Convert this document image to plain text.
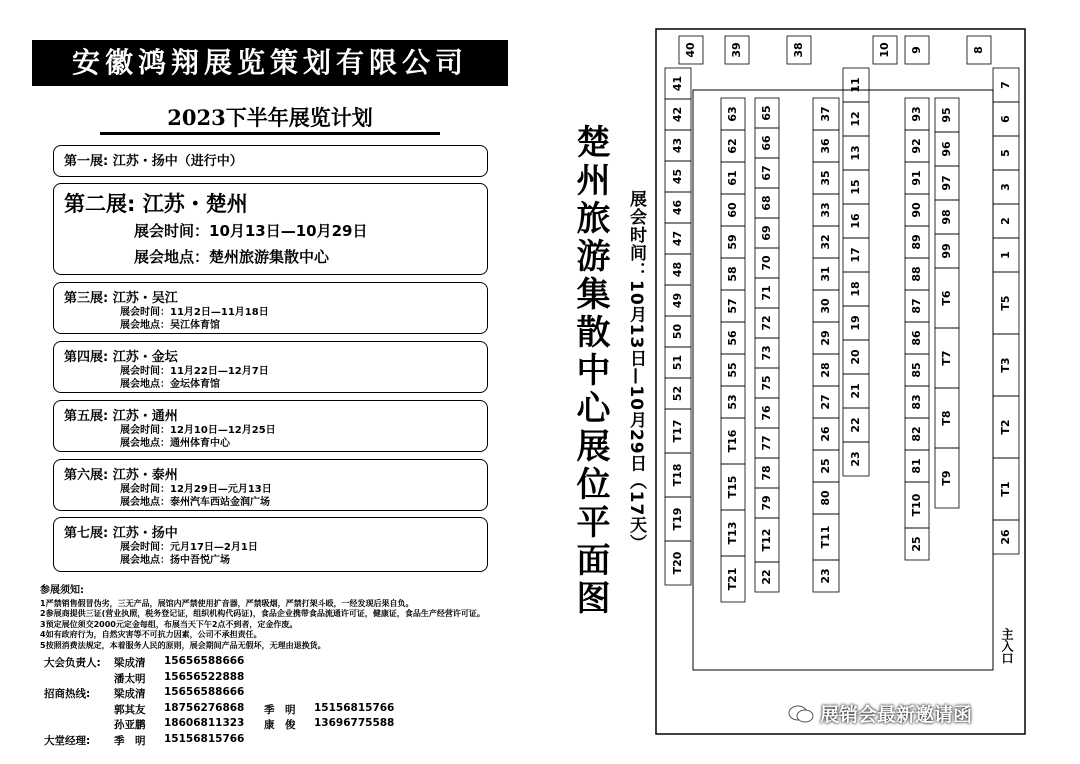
安徽鸿翔展览策划有限公司
2023下半年展览计划
第一展: 江苏・扬中（进行中）
第二展: 江苏・楚州
展会时间：10月13日—10月29日
展会地点：楚州旅游集散中心
第三展: 江苏・吴江
展会时间：11月2日—11月18日
展会地点：吴江体育馆
第四展: 江苏・金坛
展会时间：11月22日—12月7日
展会地点：金坛体育馆
第五展: 江苏・通州
展会时间：12月10日—12月25日
展会地点：通州体育中心
第六展: 江苏・泰州
展会时间：12月29日—元月13日
展会地点：泰州汽车西站金润广场
第七展: 江苏・扬中
展会时间：元月17日—2月1日
展会地点：扬中吾悦广场
参展须知:
1严禁销售假冒伪劣，三无产品，展馆内严禁使用扩音器，严禁吸烟，严禁打架斗殴，一经发现后果自负。
2参展商提供三证(营业执照，税务登记证，组织机构代码证)，食品企业携带食品流通许可证，健康证，食品生产经营许可证。
3预定展位须交2000元定金每组，布展当天下午2点不到者，定金作废。
4如有政府行为，自然灾害等不可抗力因素，公司不承担责任。
5按照消费法规定，本着服务人民的原则，展会期间产品无假坏，无理由退换货。
大会负责人: 梁成清 15656588666
潘太明 15656522888
招商热线: 梁成清 15656588666
郭其友 18756276868 季　明 15156815766
孙亚鹏 18606811323 康　俊 13696775588
大堂经理: 季　明 15156815766
楚州旅游集散中心展位平面图 展会时间：10月13日—10月29日（17天）
40	39	38	10 9	8
41
42
43
45
46
47
48
49
50
51
52
T17
T18
T19
T20
63
62
61
60
59
58
57
56
55
53
T16
T15
T13
T21
65
66
67
68
69
70
71
72
73
75
76
77
78
79
T12
22
37
36
35
33
32
31
30
29
28
27
26
25
80
T11
23
11
12
13
15
16
17
18
19
20
21
22
23
93
92
91
90
89
88
87
86
85
83
82
81
T10
25
95
96
97
98
99
T6
T7
T8
T9
7
6
5
3
2
1
T5
T3
T2
T1
26
主入口
展销会最新邀请函
